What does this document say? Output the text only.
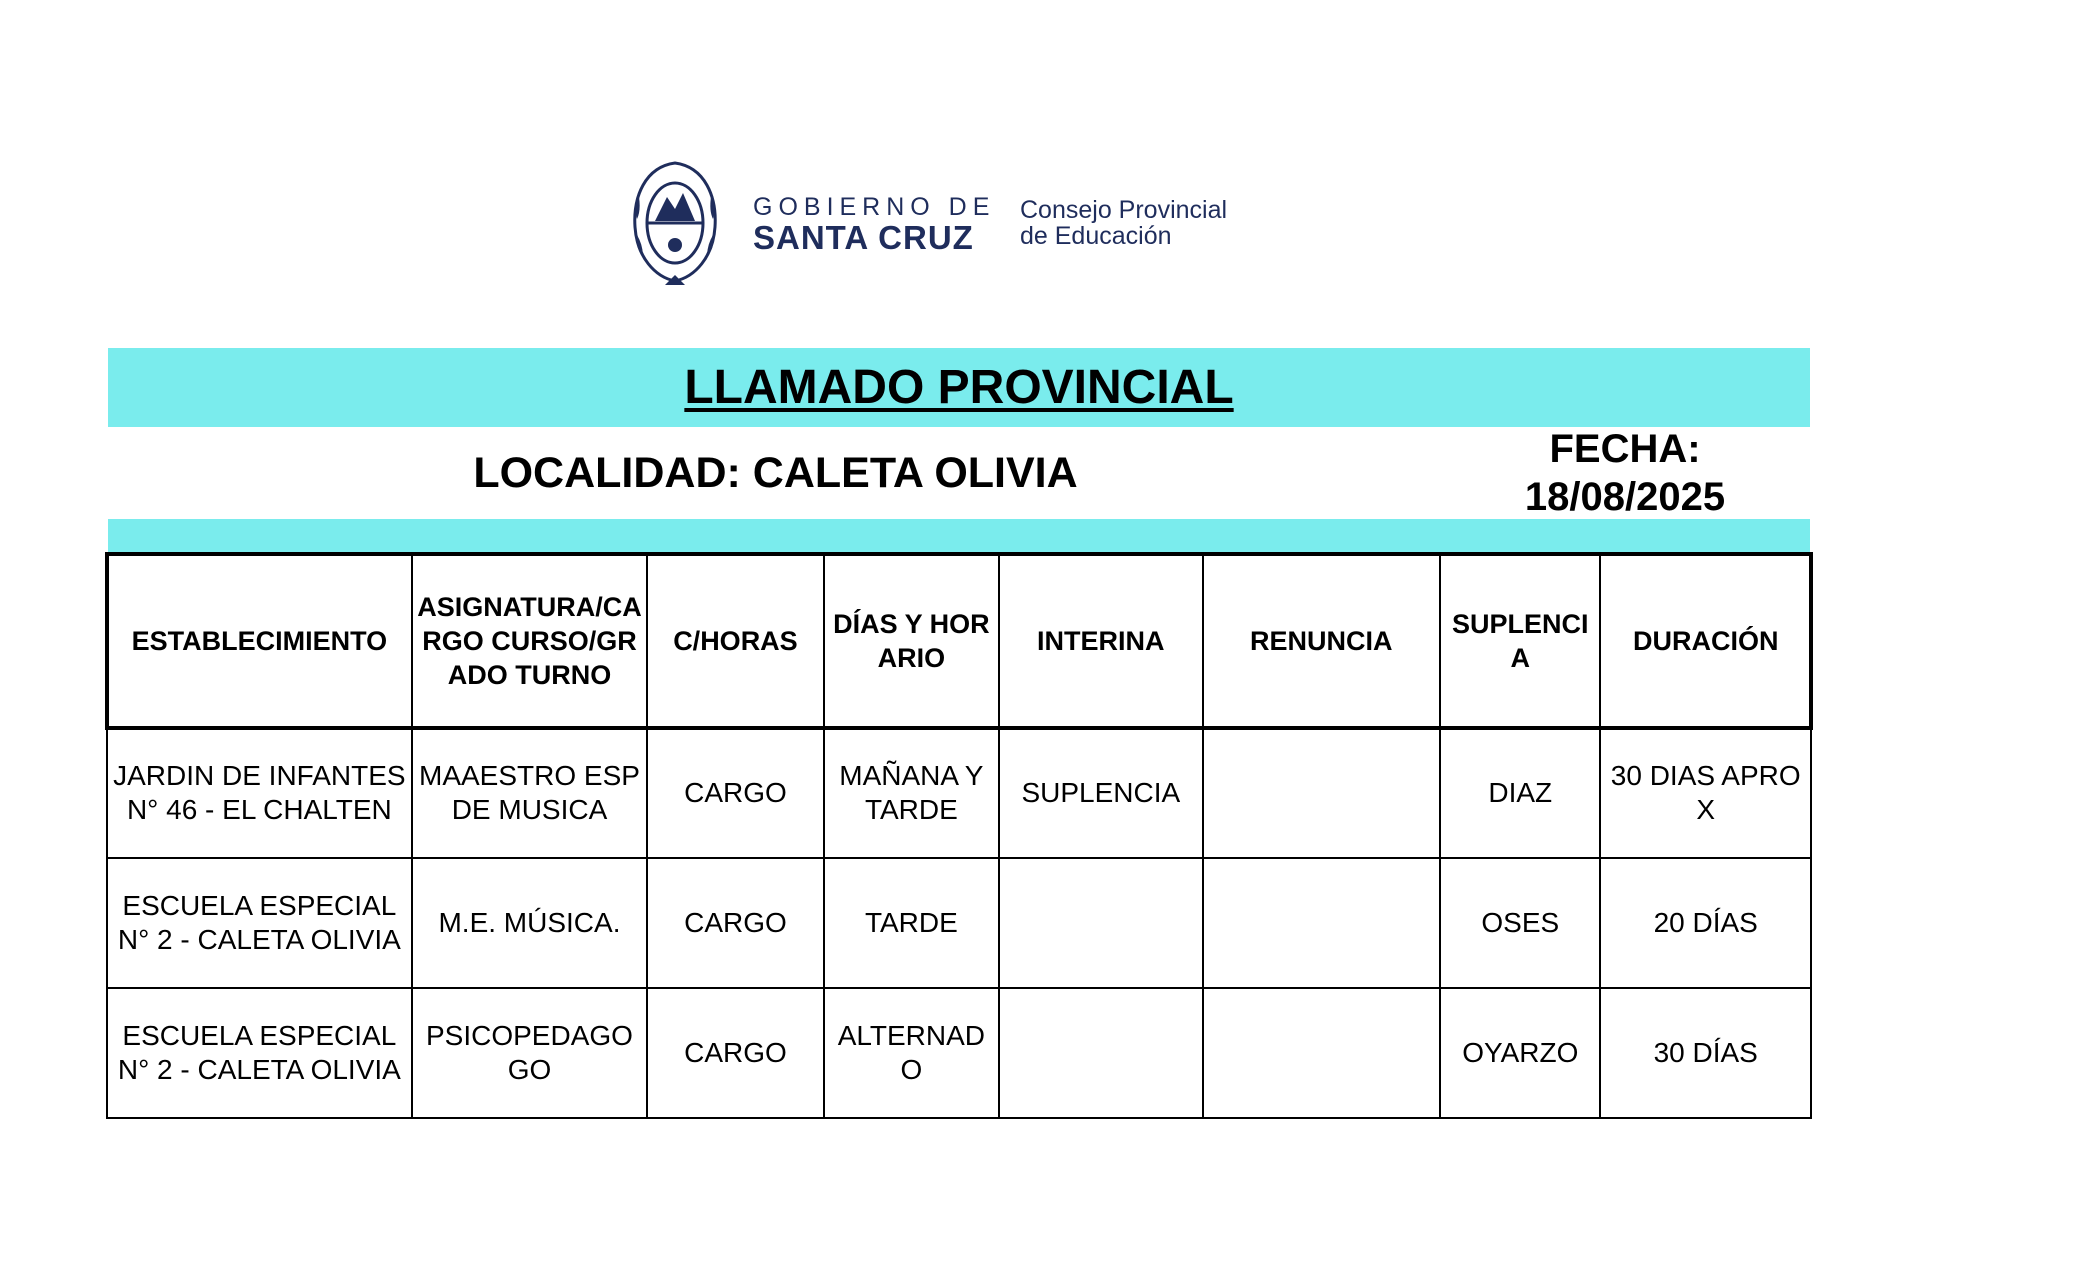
GOBIERNO DE
SANTA CRUZ
Consejo Provincial
de Educación
LLAMADO PROVINCIAL
LOCALIDAD: CALETA OLIVIA	FECHA:
18/08/2025
ESTABLECIMIENTO	ASIGNATURA/CARGO CURSO/GRADO TURNO	C/HORAS	DÍAS Y HORARIO	INTERINA	RENUNCIA	SUPLENCIA	DURACIÓN
JARDIN DE INFANTES N° 46 - EL CHALTEN	MAAESTRO ESP DE MUSICA	CARGO	MAÑANA Y TARDE	SUPLENCIA		DIAZ	30 DIAS APROX
ESCUELA ESPECIAL N° 2 - CALETA OLIVIA	M.E. MÚSICA.	CARGO	TARDE			OSES	20 DÍAS
ESCUELA ESPECIAL N° 2 - CALETA OLIVIA	PSICOPEDAGOGO	CARGO	ALTERNADO			OYARZO	30 DÍAS
